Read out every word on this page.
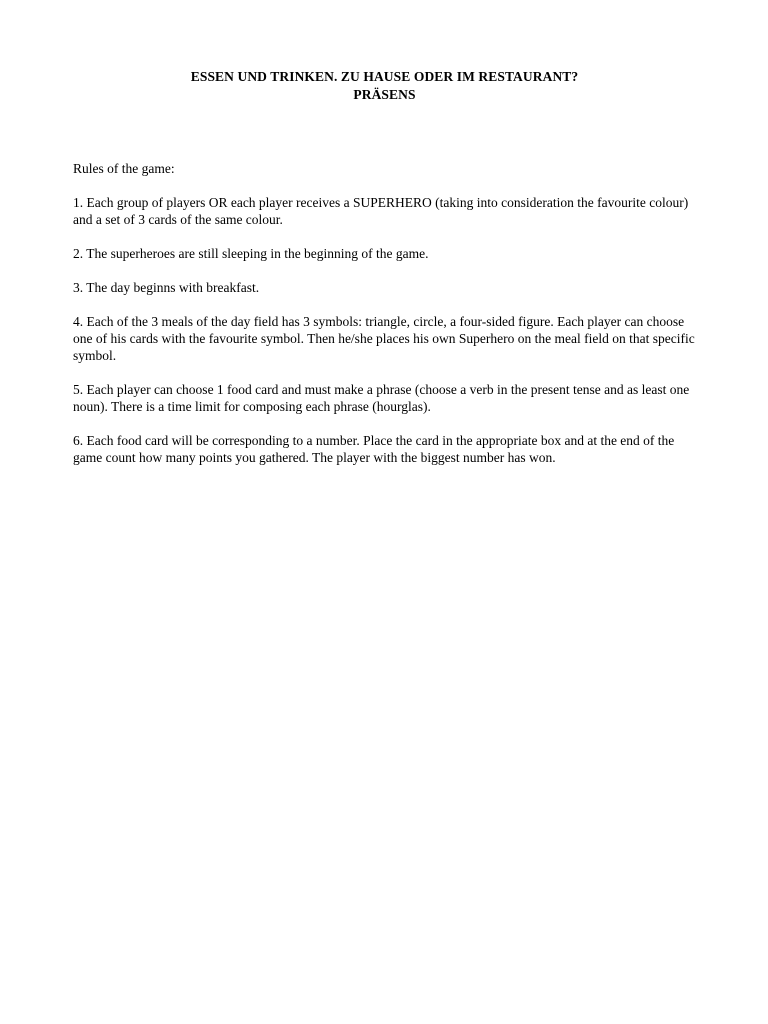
ESSEN UND TRINKEN. ZU HAUSE ODER IM RESTAURANT?
PRÄSENS

Rules of the game:

1. Each group of players OR each player receives a SUPERHERO (taking into consideration the favourite colour) and a set of 3 cards of the same colour.
2. The superheroes are still sleeping in the beginning of the game.
3. The day beginns with breakfast.
4. Each of the 3 meals of the day field has 3 symbols: triangle, circle, a four-sided figure. Each player can choose one of his cards with the favourite symbol. Then he/she places his own Superhero on the meal field on that specific symbol.
5. Each player can choose 1 food card and must make a phrase (choose a verb in the present tense and as least one noun). There is a time limit for composing each phrase (hourglas).
6. Each food card will be corresponding to a number. Place the card in the appropriate box and at the end of the game count how many points you gathered. The player with the biggest number has won.
